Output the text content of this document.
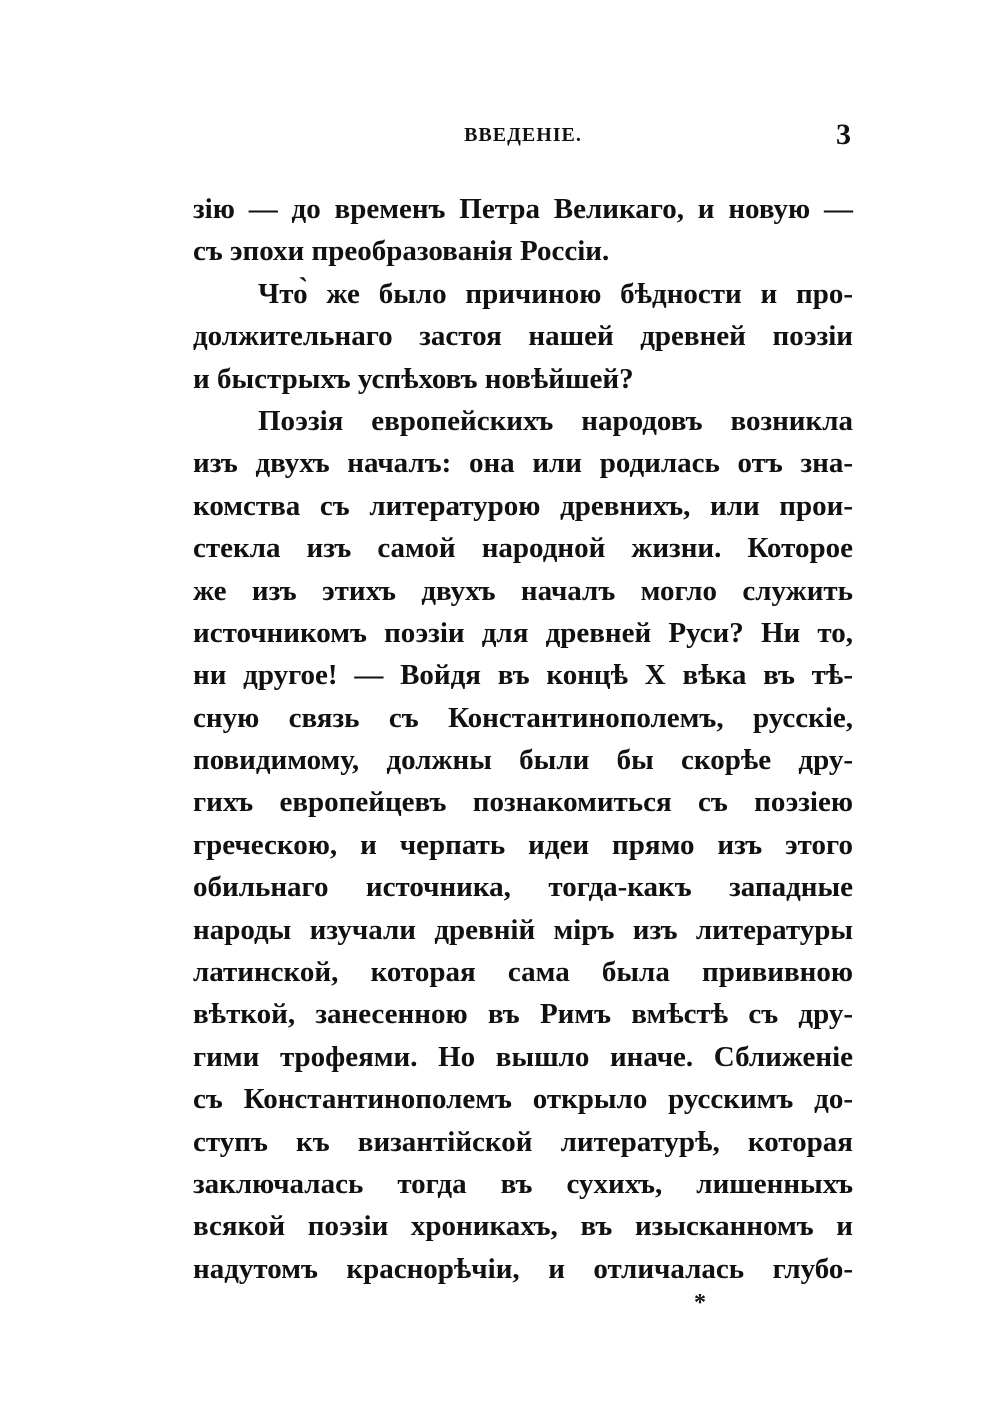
ВВЕДЕНІЕ.	3
зію — до временъ Петра Великаго, и новую —
съ эпохи преобразованія Россіи.
Что̀ же было причиною бѣдности и про-
должительнаго застоя нашей древней поэзіи
и быстрыхъ успѣховъ новѣйшей?
Поэзія европейскихъ народовъ возникла
изъ двухъ началъ: она или родилась отъ зна-
комства съ литературою древнихъ, или прои-
стекла изъ самой народной жизни. Которое
же изъ этихъ двухъ началъ могло служить
источникомъ поэзіи для древней Руси? Ни то,
ни другое! — Войдя въ концѣ X вѣка въ тѣ-
сную связь съ Константинополемъ, русскіе,
повидимому, должны были бы скорѣе дру-
гихъ европейцевъ познакомиться съ поэзіею
греческою, и черпать идеи прямо изъ этого
обильнаго источника, тогда-какъ западные
народы изучали древній міръ изъ литературы
латинской, которая сама была прививною
вѣткой, занесенною въ Римъ вмѣстѣ съ дру-
гими трофеями. Но вышло иначе. Сближеніе
съ Константинополемъ открыло русскимъ до-
ступъ къ византійской литературѣ, которая
заключалась тогда въ сухихъ, лишенныхъ
всякой поэзіи хроникахъ, въ изысканномъ и
надутомъ краснорѣчіи, и отличалась глубо-
*
